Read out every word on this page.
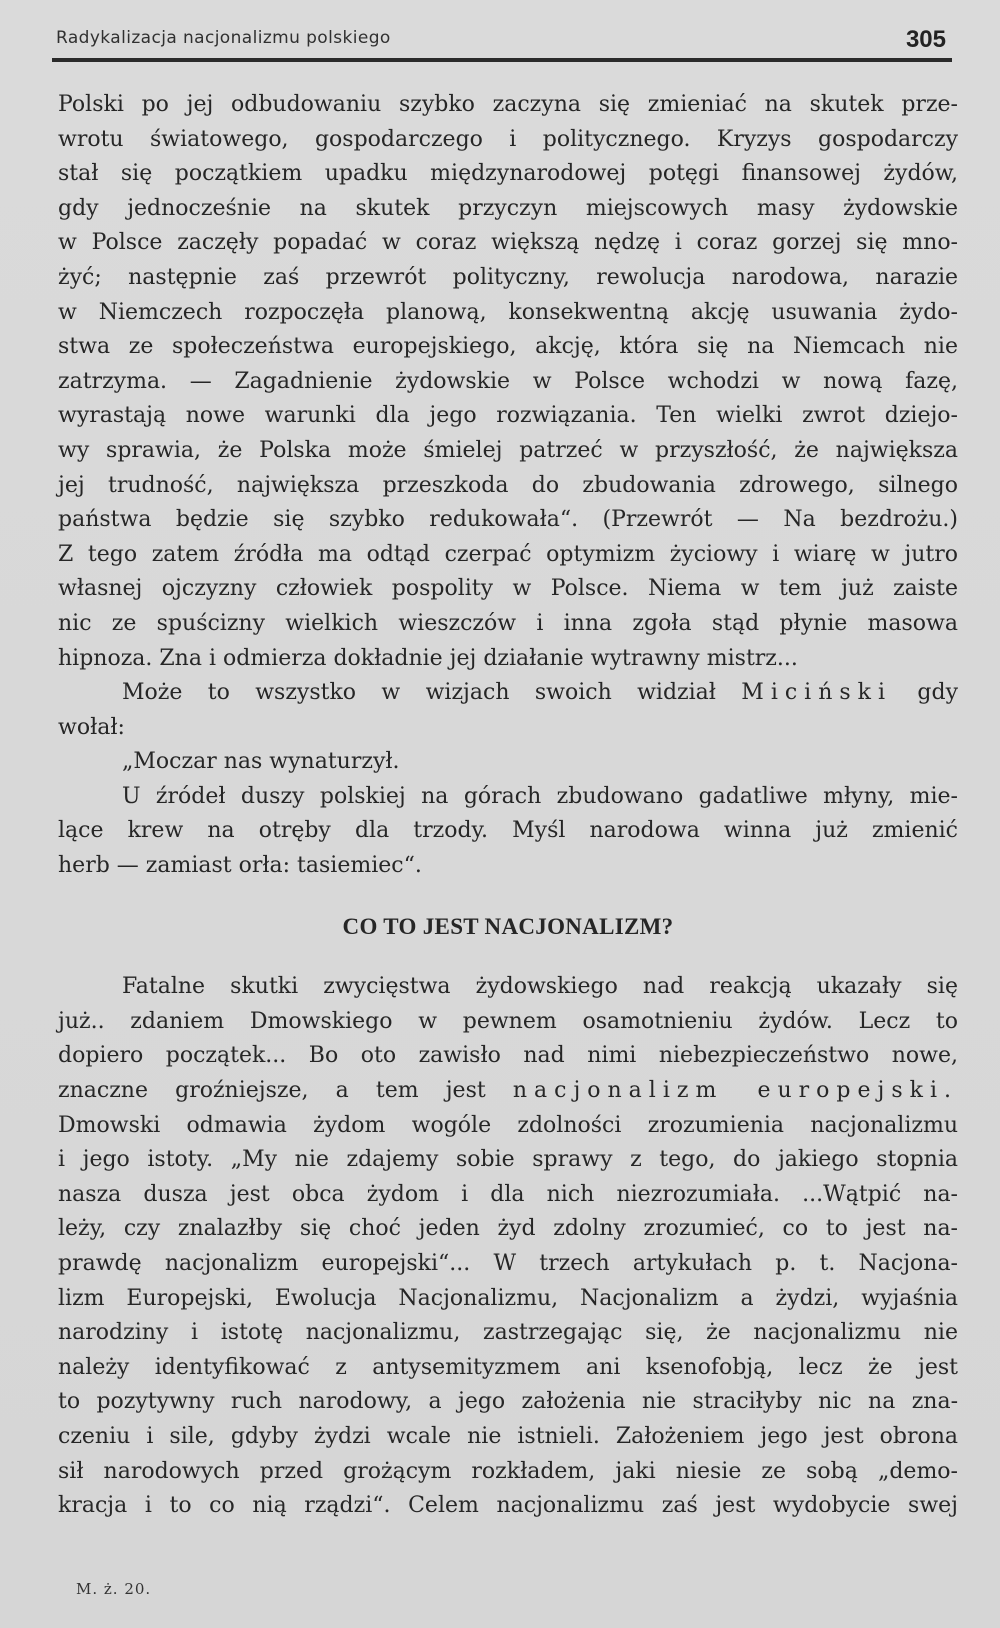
Radykalizacja nacjonalizmu polskiego	305
Polski po jej odbudowaniu szybko zaczyna się zmieniać na skutek prze-
wrotu światowego, gospodarczego i politycznego. Kryzys gospodarczy
stał się początkiem upadku międzynarodowej potęgi finansowej żydów,
gdy jednocześnie na skutek przyczyn miejscowych masy żydowskie
w Polsce zaczęły popadać w coraz większą nędzę i coraz gorzej się mno-
żyć; następnie zaś przewrót polityczny, rewolucja narodowa, narazie
w Niemczech rozpoczęła planową, konsekwentną akcję usuwania żydo-
stwa ze społeczeństwa europejskiego, akcję, która się na Niemcach nie
zatrzyma. — Zagadnienie żydowskie w Polsce wchodzi w nową fazę,
wyrastają nowe warunki dla jego rozwiązania. Ten wielki zwrot dziejo-
wy sprawia, że Polska może śmielej patrzeć w przyszłość, że największa
jej trudność, największa przeszkoda do zbudowania zdrowego, silnego
państwa będzie się szybko redukowała“. (Przewrót — Na bezdrożu.)
Z tego zatem źródła ma odtąd czerpać optymizm życiowy i wiarę w jutro
własnej ojczyzny człowiek pospolity w Polsce. Niema w tem już zaiste
nic ze spuścizny wielkich wieszczów i inna zgoła stąd płynie masowa
hipnoza. Zna i odmierza dokładnie jej działanie wytrawny mistrz...
Może to wszystko w wizjach swoich widział Miciński gdy
wołał:
„Moczar nas wynaturzył.
U źródeł duszy polskiej na górach zbudowano gadatliwe młyny, mie-
lące krew na otręby dla trzody. Myśl narodowa winna już zmienić
herb — zamiast orła: tasiemiec“.
CO TO JEST NACJONALIZM?
Fatalne skutki zwycięstwa żydowskiego nad reakcją ukazały się
już.. zdaniem Dmowskiego w pewnem osamotnieniu żydów. Lecz to
dopiero początek... Bo oto zawisło nad nimi niebezpieczeństwo nowe,
znaczne groźniejsze, a tem jest nacjonalizm europejski.
Dmowski odmawia żydom wogóle zdolności zrozumienia nacjonalizmu
i jego istoty. „My nie zdajemy sobie sprawy z tego, do jakiego stopnia
nasza dusza jest obca żydom i dla nich niezrozumiała. ...Wątpić na-
leży, czy znalazłby się choć jeden żyd zdolny zrozumieć, co to jest na-
prawdę nacjonalizm europejski“... W trzech artykułach p. t. Nacjona-
lizm Europejski, Ewolucja Nacjonalizmu, Nacjonalizm a żydzi, wyjaśnia
narodziny i istotę nacjonalizmu, zastrzegając się, że nacjonalizmu nie
należy identyfikować z antysemityzmem ani ksenofobją, lecz że jest
to pozytywny ruch narodowy, a jego założenia nie straciłyby nic na zna-
czeniu i sile, gdyby żydzi wcale nie istnieli. Założeniem jego jest obrona
sił narodowych przed grożącym rozkładem, jaki niesie ze sobą „demo-
kracja i to co nią rządzi“. Celem nacjonalizmu zaś jest wydobycie swej
M. ż. 20.
